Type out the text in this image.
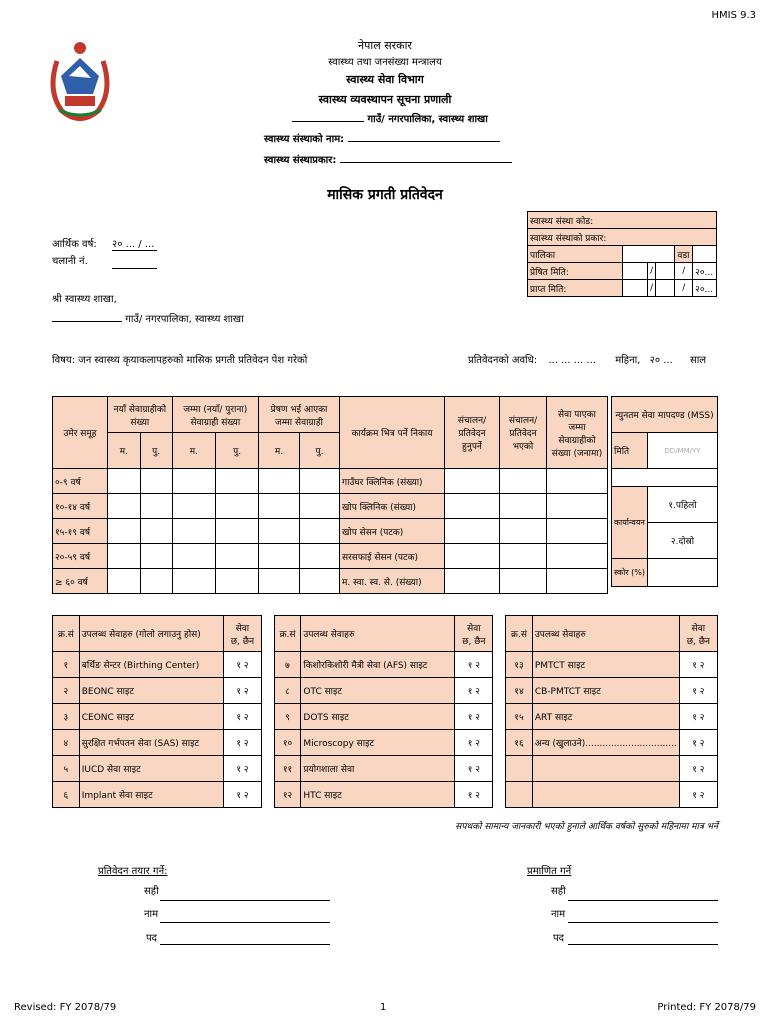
HMIS 9.3
नेपाल सरकार
स्वास्थ्य तथा जनसंख्या मन्त्रालय
स्वास्थ्य सेवा विभाग
स्वास्थ्य व्यवस्थापन सूचना प्रणाली
गाउँ/ नगरपालिका, स्वास्थ्य शाखा
स्वास्थ्य संस्थाको नाम:
स्वास्थ्य संस्थाप्रकार:
मासिक प्रगती प्रतिवेदन
स्वास्थ्य संस्था कोड:					
स्वास्थ्य संस्थाको प्रकार:					
पालिका				वडा	
प्रेषित मिति:		/		/	२०...
प्राप्त मिति:		/		/	२०...
आर्थिक वर्ष: २० ... / ...
चलानी नं.
श्री स्वास्थ्य शाखा,
गाउँ/ नगरपालिका, स्वास्थ्य शाखा
विषय: जन स्वास्थ्य कृयाकलापहरुको मासिक प्रगती प्रतिवेदन पेश गरेको	प्रतिवेदनको अवधि: ... ... ... ... महिना, २० ... साल
उमेर समूह	नयाँ सेवाग्राहीको संख्या		जम्मा (नयाँ/ पुराना) सेवाग्राही संख्या		प्रेषण भई आएका जम्मा सेवाग्राही		कार्यक्रम भित्र पर्ने निकाय	संचालन/ प्रतिवेदन हुनुपर्ने	संचालन/ प्रतिवेदन भएको	सेवा पाएका जम्मा सेवाग्राहीको संख्या (जनामा)
	म.	पु.	म.	पु.	म.	पु.				
०-९ वर्ष							गाउँघर क्लिनिक (संख्या)			
१०-१४ वर्ष							खोप क्लिनिक (संख्या)			
१५-१९ वर्ष							खोप सेसन (पटक)			
२०-५९ वर्ष							सरसफाई सेसन (पटक)			
≥ ६० वर्ष							म. स्वा. स्व. से. (संख्या)			
न्युनतम सेवा मापदण्ड (MSS)	
मिति	DD/MM/YY

कार्यान्वयन	१.पहिलो
	२.दोस्रो
स्कोर (%)	
क्र.सं	उपलब्ध सेवाहरु (गोलो लगाउनु होस)	सेवा
छ, छैन		क्र.सं	उपलब्ध सेवाहरु	सेवा
छ, छैन		क्र.सं	उपलब्ध सेवाहरु	सेवा
छ, छैन
१	बर्थिङ सेन्टर (Birthing Center)	१ २		७	किशोरकिशोरी मैत्री सेवा (AFS) साइट	१ २		१३	PMTCT साइट	१ २
२	BEONC साइट	१ २		८	OTC साइट	१ २		१४	CB-PMTCT साइट	१ २
३	CEONC साइट	१ २		९	DOTS साइट	१ २		१५	ART साइट	१ २
४	सुरक्षित गर्भपतन सेवा (SAS) साइट	१ २		१०	Microscopy साइट	१ २		१६	अन्य (खुलाउने)................................	१ २
५	IUCD सेवा साइट	१ २		११	प्रयोगशाला सेवा	१ २				१ २
६	Implant सेवा साइट	१ २		१२	HTC साइट	१ २				१ २
सपथको सामान्य जानकारी भएको हुनाले आर्थिक वर्षको सुरुको महिनामा मात्र भर्ने
प्रतिवेदन तयार गर्ने:
सही
नाम
पद
प्रमाणित गर्ने
सही
नाम
पद
Revised: FY 2078/79	1	Printed: FY 2078/79
